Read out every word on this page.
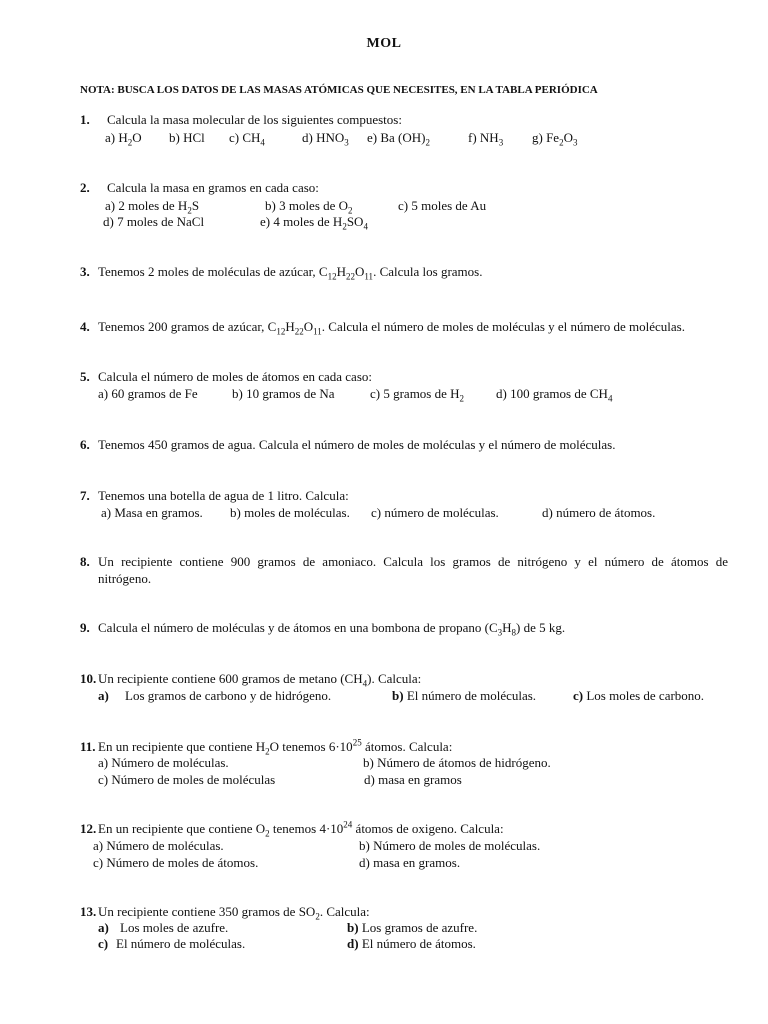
MOL
NOTA: BUSCA LOS DATOS DE LAS MASAS ATÓMICAS QUE NECESITES, EN LA TABLA PERIÓDICA
1. Calcula la masa molecular de los siguientes compuestos:
a) $H_2O$ b) HCl c) $CH_4$	d) $HNO_3$ e) Ba $(OH)_2$	f) $NH_3$ g) $Fe_2O_3$
2. Calcula la masa en gramos en cada caso:
a) 2 moles de $H_2S$	b) 3 moles de $O_2$	c) 5 moles de Au
d) 7 moles de NaCl	e) 4 moles de $H_2SO_4$
3. Tenemos 2 moles de moléculas de azúcar, $C_{12}H_{22}O_{11}$. Calcula los gramos.
4. Tenemos 200 gramos de azúcar, $C_{12}H_{22}O_{11}$. Calcula el número de moles de moléculas y el número de moléculas.
5. Calcula el número de moles de átomos en cada caso:
a) 60 gramos de Fe	b) 10 gramos de Na	c) 5 gramos de $H_2$ d) 100 gramos de $CH_4$
6. Tenemos 450 gramos de agua. Calcula el número de moles de moléculas y el número de moléculas.
7. Tenemos una botella de agua de 1 litro. Calcula:
a) Masa en gramos. b) moles de moléculas. c) número de moléculas.	d) número de átomos.
8. Un recipiente contiene 900 gramos de amoniaco. Calcula los gramos de nitrógeno y el número de átomos de
nitrógeno.
9. Calcula el número de moléculas y de átomos en una bombona de propano $(C_3H_8)$ de 5 kg.
10. Un recipiente contiene 600 gramos de metano $(CH_4)$. Calcula:
a) Los gramos de carbono y de hidrógeno.	b) El número de moléculas.	c) Los moles de carbono.
11. En un recipiente que contiene $H_2O$ tenemos $6\cdot 10^{25}$ átomos. Calcula:
a) Número de moléculas.	b) Número de átomos de hidrógeno.
c) Número de moles de moléculas	d) masa en gramos
12. En un recipiente que contiene $O_2$ tenemos $4\cdot 10^{24}$ átomos de oxigeno. Calcula:
a) Número de moléculas.	b) Número de moles de moléculas.
c) Número de moles de átomos.	d) masa en gramos.
13. Un recipiente contiene 350 gramos de $SO_2$. Calcula:
a) Los moles de azufre.	b) Los gramos de azufre.
c) El número de moléculas.	d) El número de átomos.
